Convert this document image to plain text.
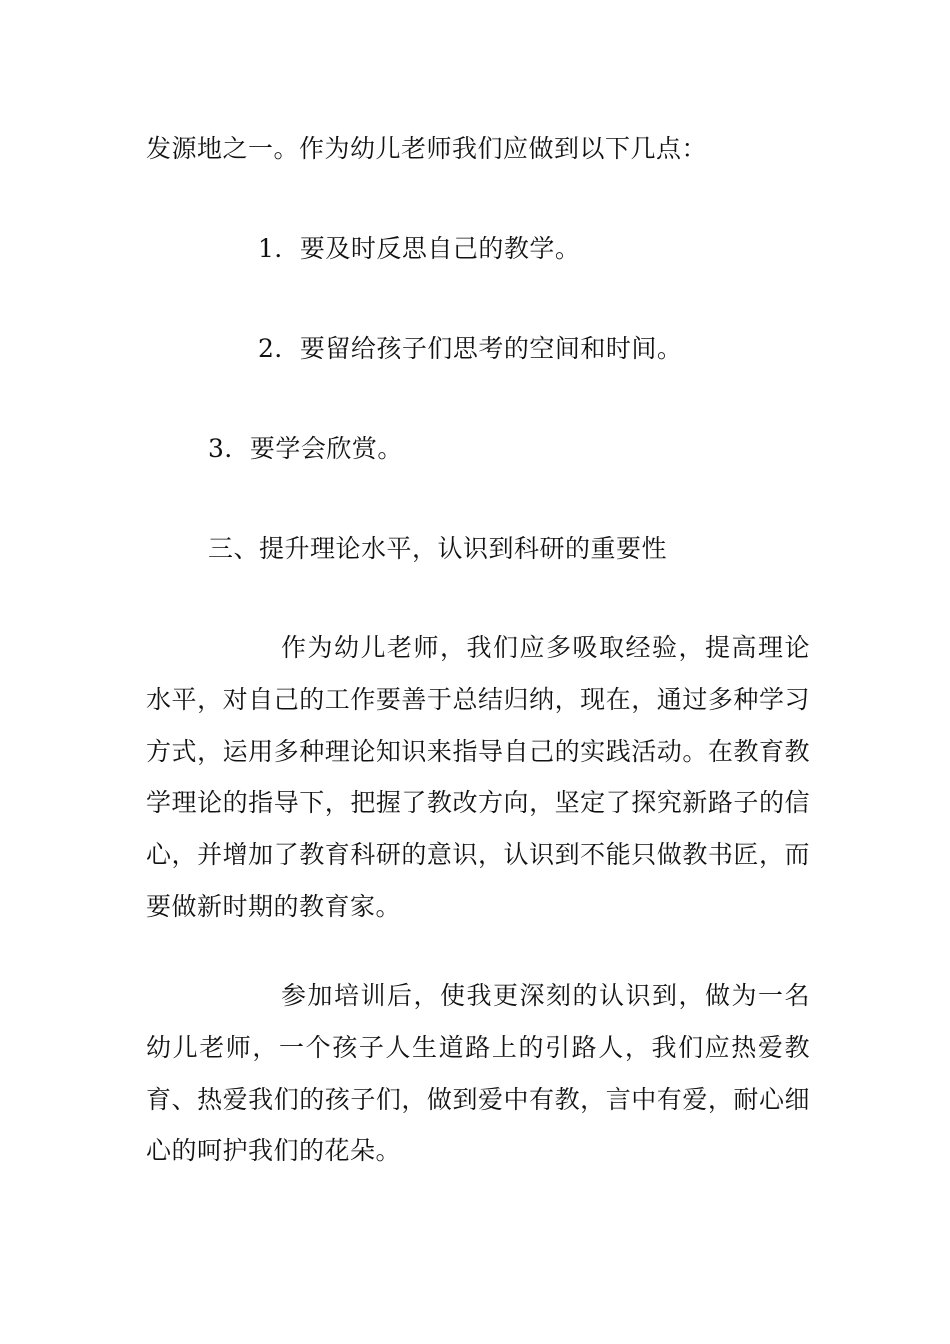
发源地之一。作为幼儿老师我们应做到以下几点：
1．要及时反思自己的教学。
2．要留给孩子们思考的空间和时间。
3．要学会欣赏。
三、提升理论水平，认识到科研的重要性
作为幼儿老师，我们应多吸取经验，提高理论水平，对自己的工作要善于总结归纳，现在，通过多种学习方式，运用多种理论知识来指导自己的实践活动。在教育教学理论的指导下，把握了教改方向，坚定了探究新路子的信心，并增加了教育科研的意识，认识到不能只做教书匠，而要做新时期的教育家。
参加培训后，使我更深刻的认识到，做为一名幼儿老师，一个孩子人生道路上的引路人，我们应热爱教育、热爱我们的孩子们，做到爱中有教，言中有爱，耐心细心的呵护我们的花朵。
